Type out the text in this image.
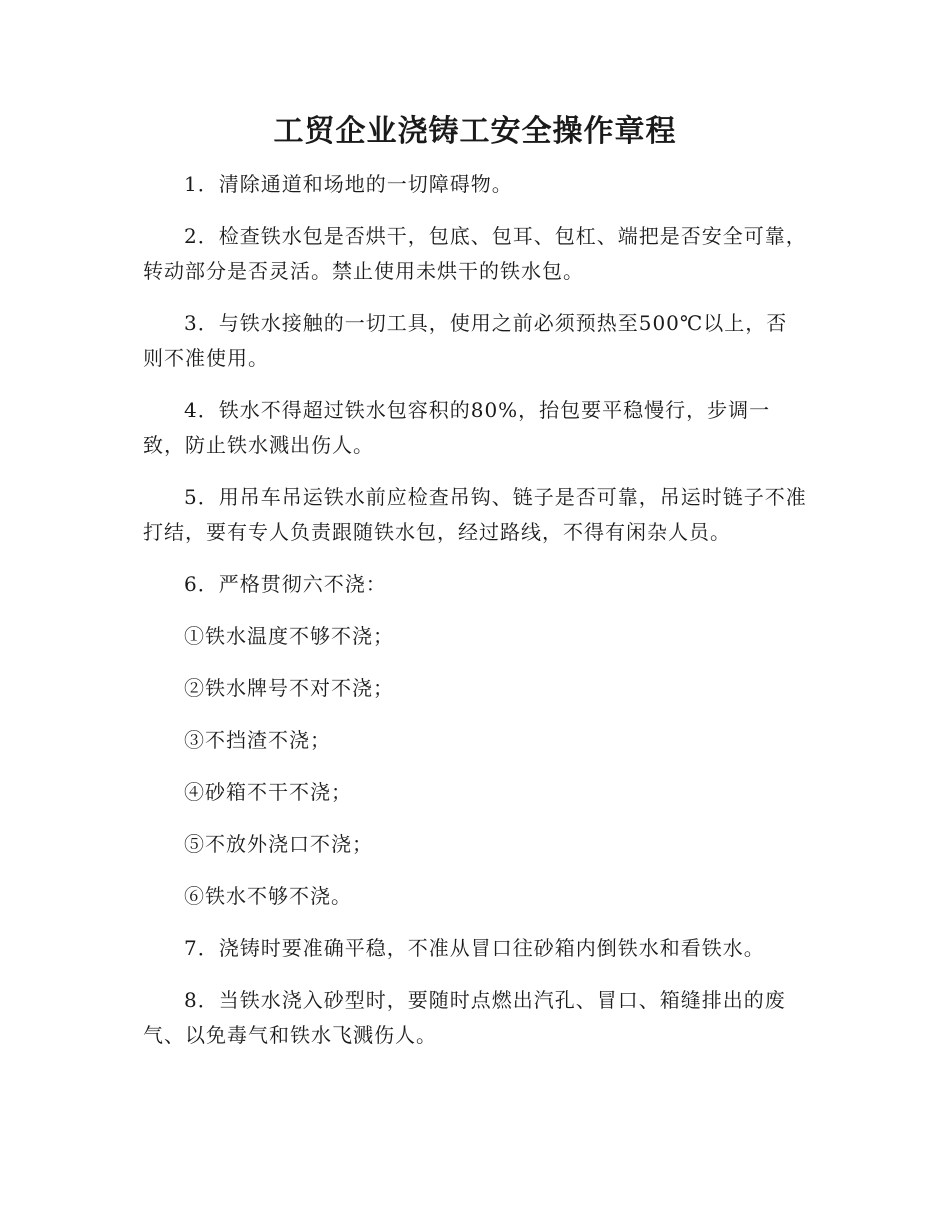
工贸企业浇铸工安全操作章程

1．清除通道和场地的一切障碍物。

2．检查铁水包是否烘干，包底、包耳、包杠、端把是否安全可靠，转动部分是否灵活。禁止使用未烘干的铁水包。

3．与铁水接触的一切工具，使用之前必须预热至500℃以上，否则不准使用。

4．铁水不得超过铁水包容积的80%，抬包要平稳慢行，步调一致，防止铁水溅出伤人。

5．用吊车吊运铁水前应检查吊钩、链子是否可靠，吊运时链子不准打结，要有专人负责跟随铁水包，经过路线，不得有闲杂人员。

6．严格贯彻六不浇：

①铁水温度不够不浇；

②铁水牌号不对不浇；

③不挡渣不浇；

④砂箱不干不浇；

⑤不放外浇口不浇；

⑥铁水不够不浇。

7．浇铸时要准确平稳，不准从冒口往砂箱内倒铁水和看铁水。

8．当铁水浇入砂型时，要随时点燃出汽孔、冒口、箱缝排出的废气、以免毒气和铁水飞溅伤人。
